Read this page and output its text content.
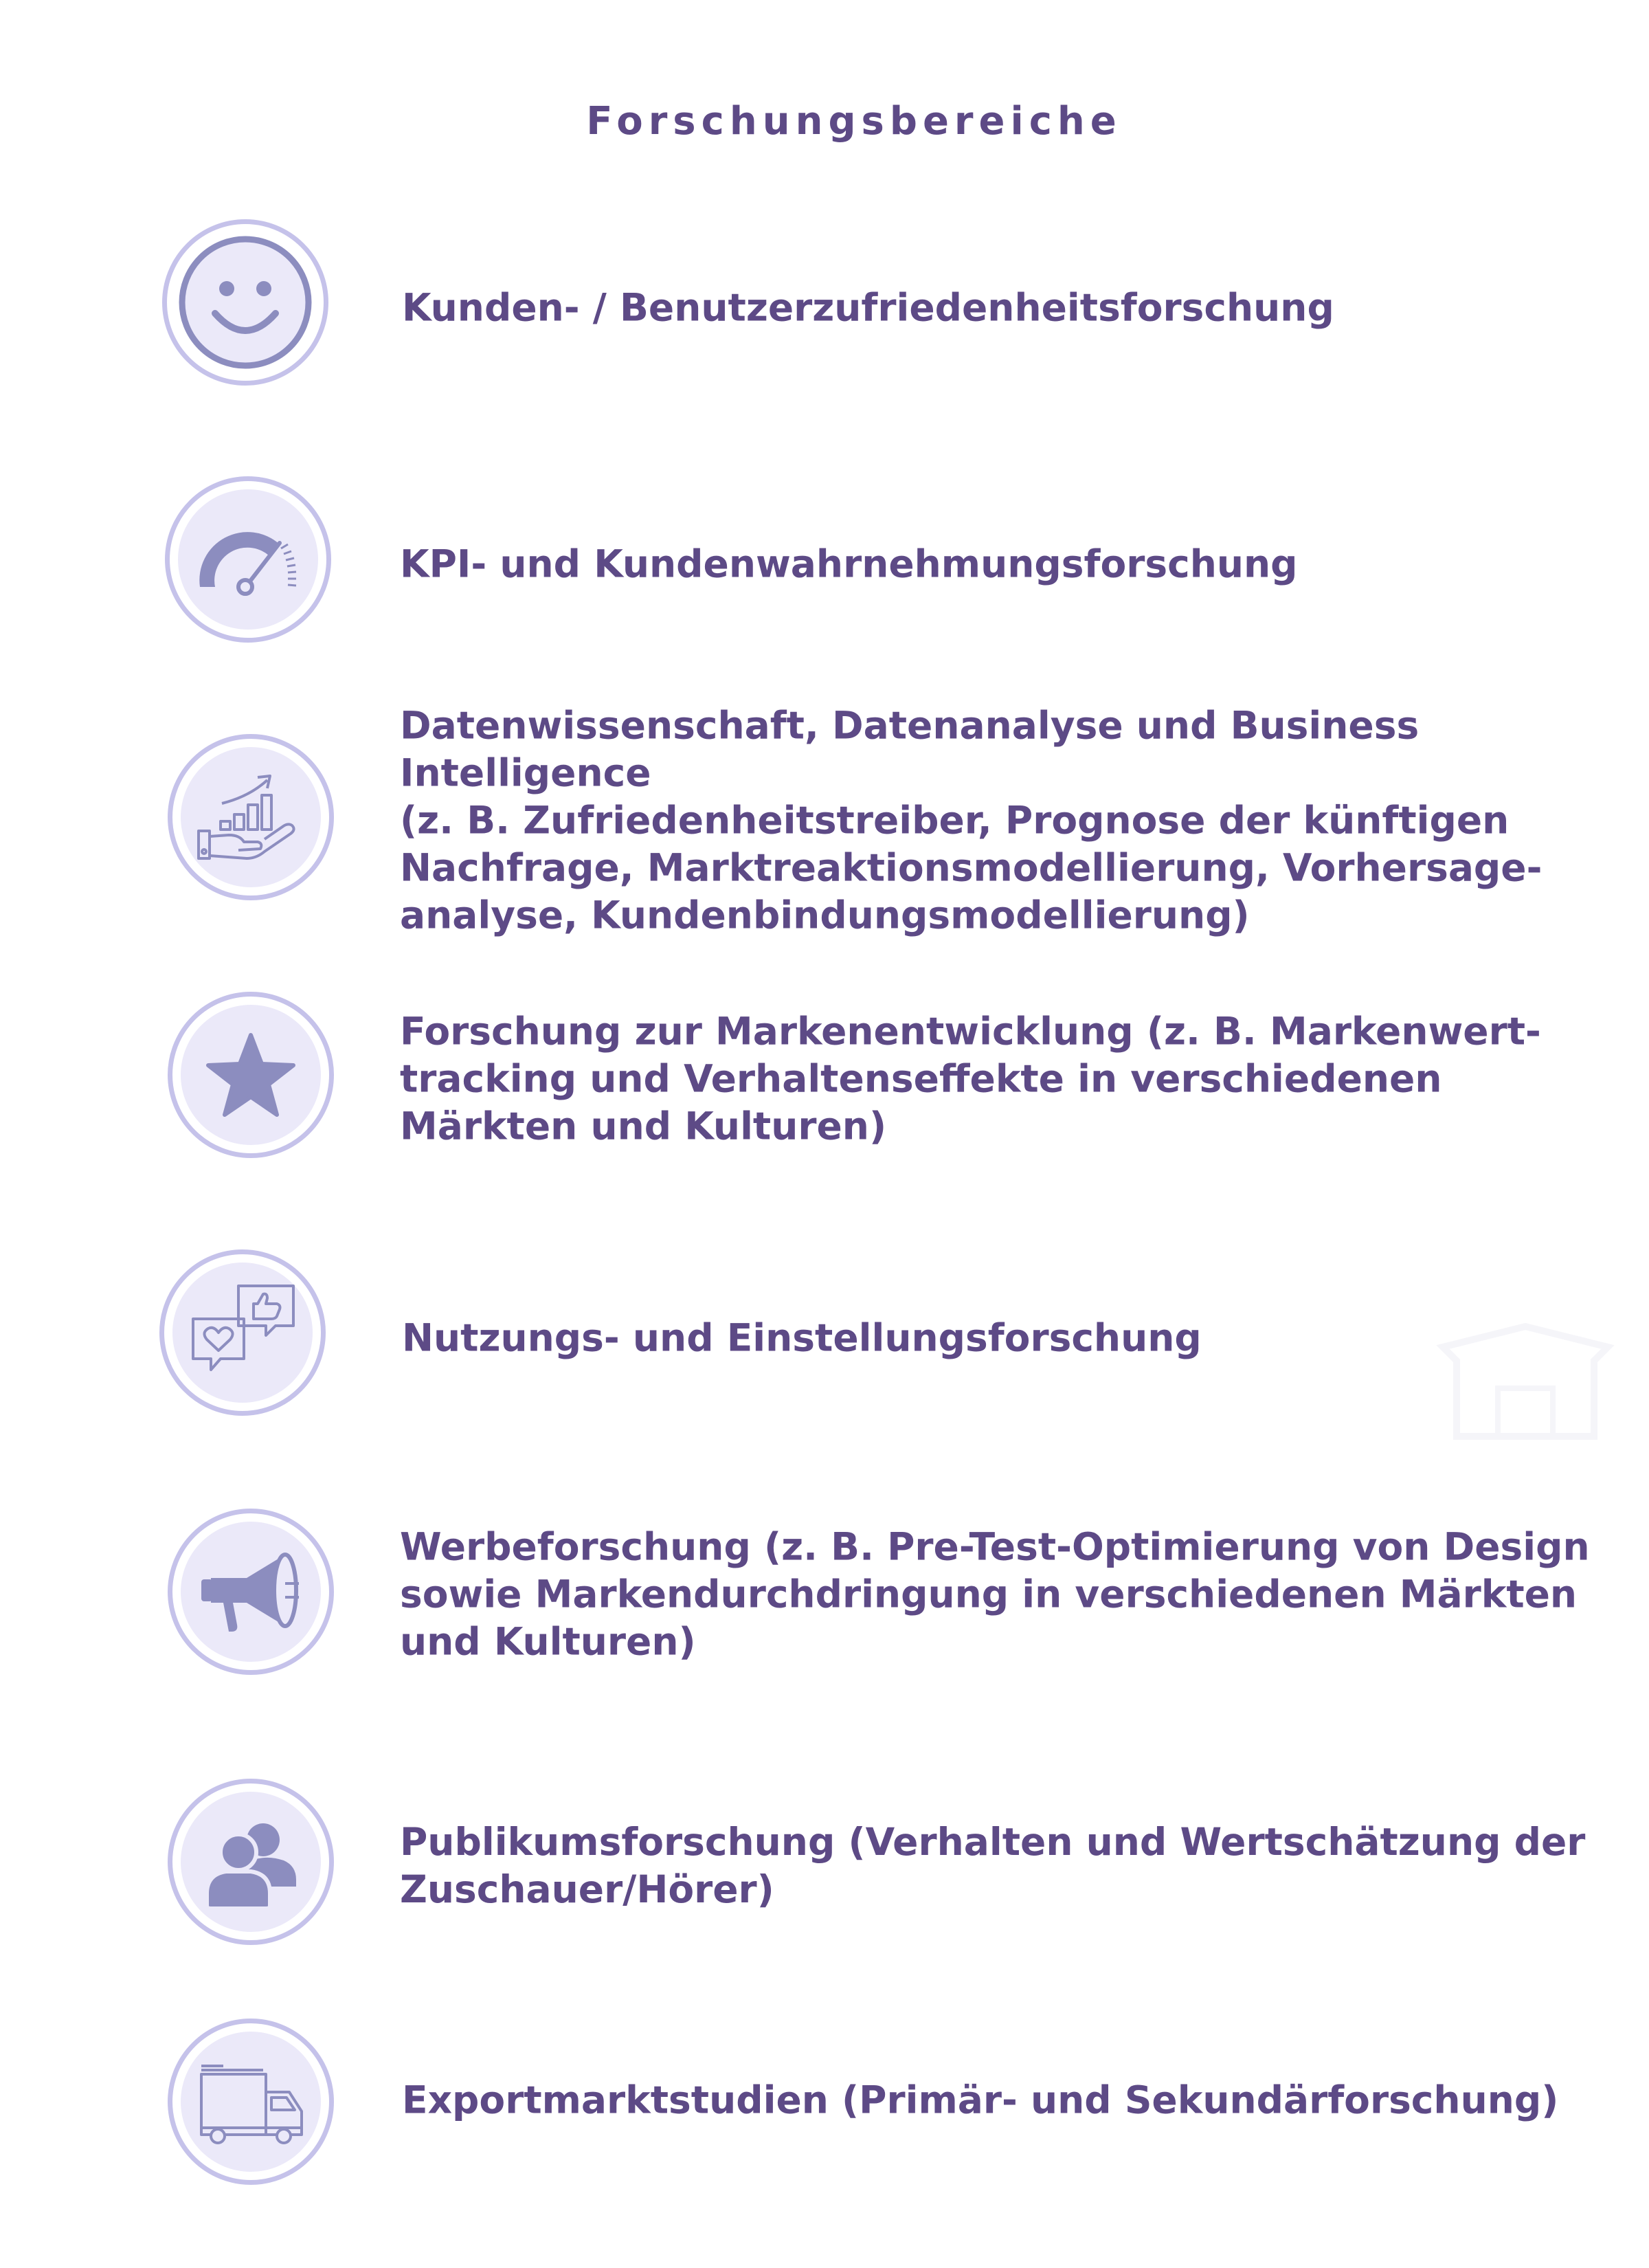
Forschungsbereiche
Kunden- / Benutzerzufriedenheitsforschung
KPI- und Kundenwahrnehmungsforschung
Datenwissenschaft, Datenanalyse und Business Intelligence
(z. B. Zufriedenheitstreiber, Prognose der künftigen
Nachfrage, Marktreaktionsmodellierung, Vorhersage-
analyse, Kundenbindungsmodellierung)
Forschung zur Markenentwicklung (z. B. Markenwert-
tracking und Verhaltenseffekte in verschiedenen
Märkten und Kulturen)
Nutzungs- und Einstellungsforschung
Werbeforschung (z. B. Pre-Test-Optimierung von Design
sowie Markendurchdringung in verschiedenen Märkten
und Kulturen)
Publikumsforschung (Verhalten und Wertschätzung der
Zuschauer/Hörer)
Exportmarktstudien (Primär- und Sekundärforschung)
